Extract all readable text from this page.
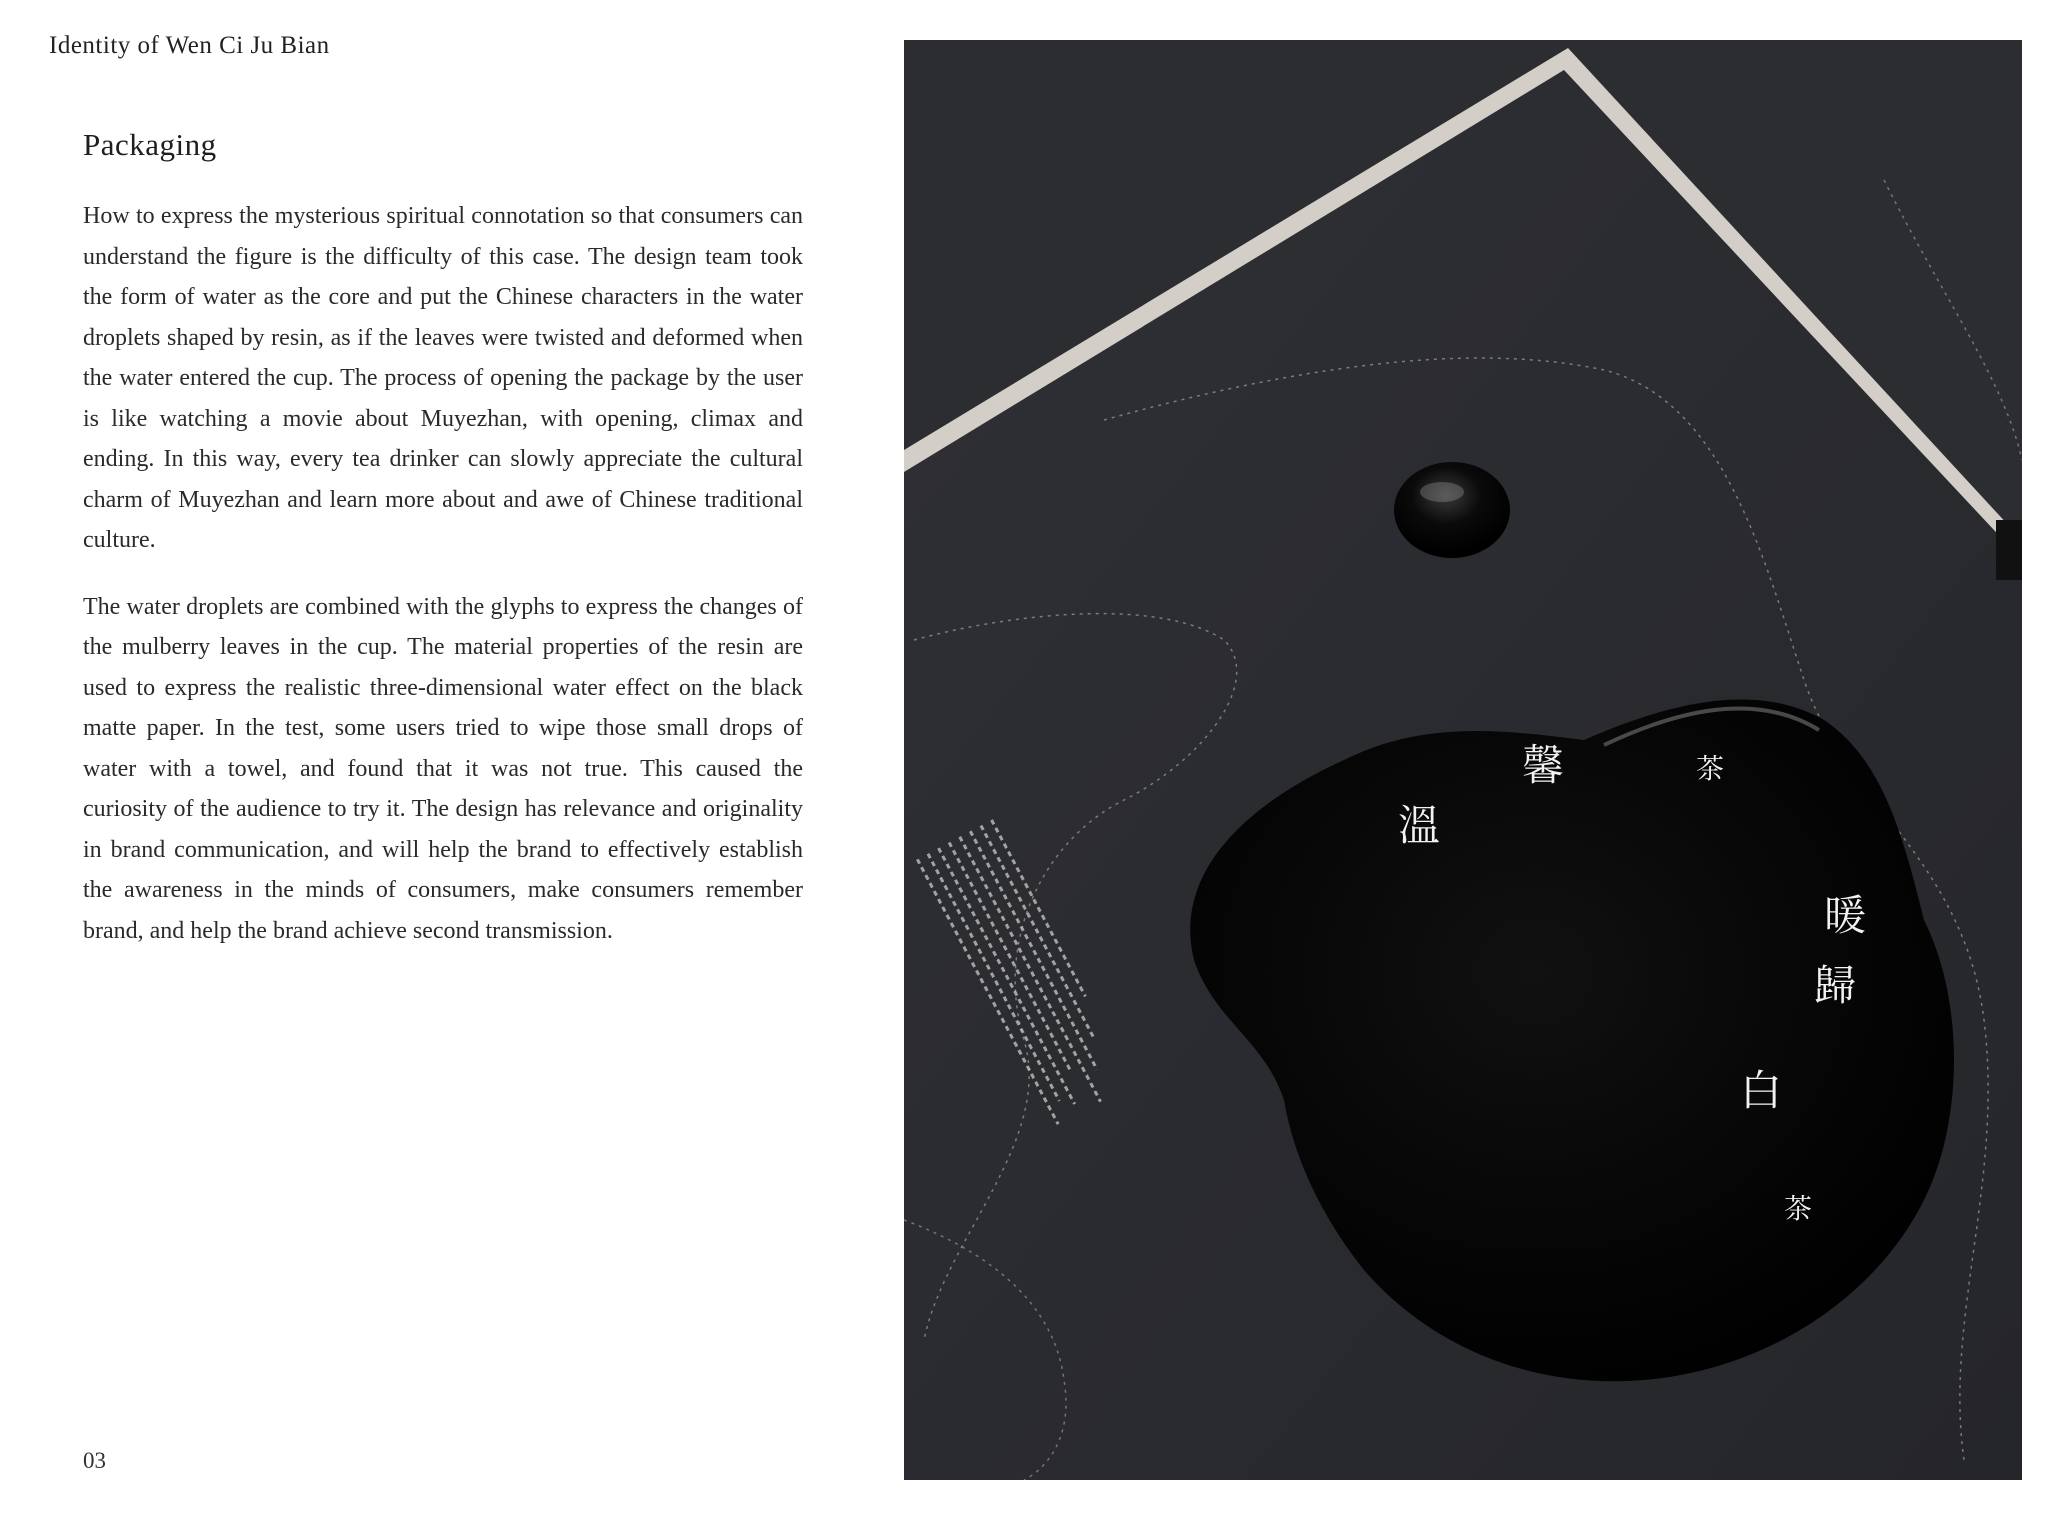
Identity of Wen Ci Ju Bian
Packaging

How to express the mysterious spiritual connotation so that consumers can understand the figure is the difficulty of this case. The design team took the form of water as the core and put the Chinese characters in the water droplets shaped by resin, as if the leaves were twisted and deformed when the water entered the cup. The process of opening the package by the user is like watching a movie about Muyezhan, with opening, climax and ending. In this way, every tea drinker can slowly appreciate the cultural charm of Muyezhan and learn more about and awe of Chinese traditional culture.

The water droplets are combined with the glyphs to express the changes of the mulberry leaves in the cup. The material properties of the resin are used to express the realistic three-dimensional water effect on the black matte paper. In the test, some users tried to wipe those small drops of water with a towel, and found that it was not true. This caused the curiosity of the audience to try it. The design has relevance and originality in brand communication, and will help the brand to effectively establish the awareness in the minds of consumers, make consumers remember brand, and help the brand achieve second transmission.

03
溫
馨	茶
暖
歸
白
茶
